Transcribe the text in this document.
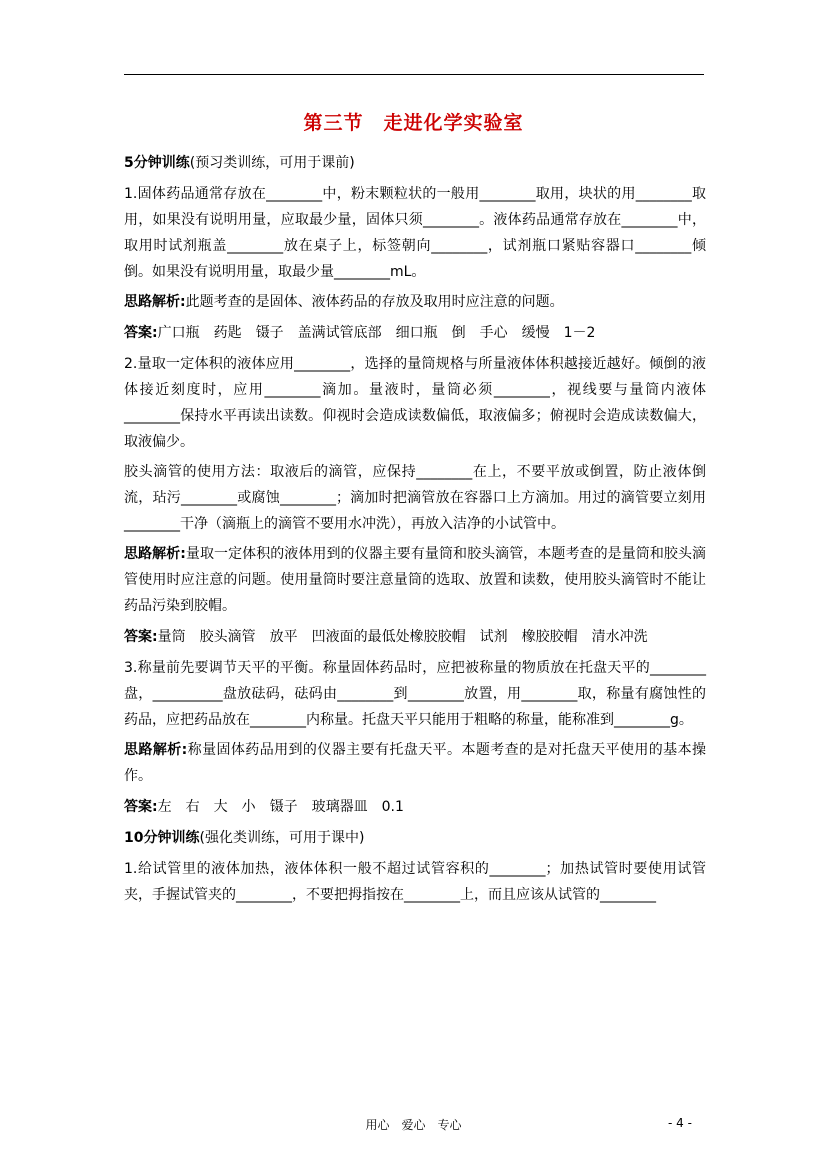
第三节　走进化学实验室

5分钟训练(预习类训练，可用于课前)

1.固体药品通常存放在________中，粉末颗粒状的一般用________取用，块状的用________取用，如果没有说明用量，应取最少量，固体只须________。液体药品通常存放在________中，取用时试剂瓶盖________放在桌子上，标签朝向________，试剂瓶口紧贴容器口________倾倒。如果没有说明用量，取最少量________mL。

思路解析:此题考查的是固体、液体药品的存放及取用时应注意的问题。

答案:广口瓶　药匙　镊子　盖满试管底部　细口瓶　倒　手心　缓慢　1－2

2.量取一定体积的液体应用________，选择的量筒规格与所量液体体积越接近越好。倾倒的液体接近刻度时，应用________滴加。量液时，量筒必须________，视线要与量筒内液体________保持水平再读出读数。仰视时会造成读数偏低，取液偏多；俯视时会造成读数偏大，取液偏少。

胶头滴管的使用方法：取液后的滴管，应保持________在上，不要平放或倒置，防止液体倒流，玷污________或腐蚀________；滴加时把滴管放在容器口上方滴加。用过的滴管要立刻用________干净（滴瓶上的滴管不要用水冲洗），再放入洁净的小试管中。

思路解析:量取一定体积的液体用到的仪器主要有量筒和胶头滴管，本题考查的是量筒和胶头滴管使用时应注意的问题。使用量筒时要注意量筒的选取、放置和读数，使用胶头滴管时不能让药品污染到胶帽。

答案:量筒　胶头滴管　放平　凹液面的最低处橡胶胶帽　试剂　橡胶胶帽　清水冲洗

3.称量前先要调节天平的平衡。称量固体药品时，应把被称量的物质放在托盘天平的________盘，__________盘放砝码，砝码由________到________放置，用________取，称量有腐蚀性的药品，应把药品放在________内称量。托盘天平只能用于粗略的称量，能称准到________g。

思路解析:称量固体药品用到的仪器主要有托盘天平。本题考查的是对托盘天平使用的基本操作。

答案:左　右　大　小　镊子　玻璃器皿　0.1

10分钟训练(强化类训练，可用于课中)

1.给试管里的液体加热，液体体积一般不超过试管容积的________；加热试管时要使用试管夹，手握试管夹的________，不要把拇指按在________上，而且应该从试管的________

用心　爱心　专心	- 4 -
